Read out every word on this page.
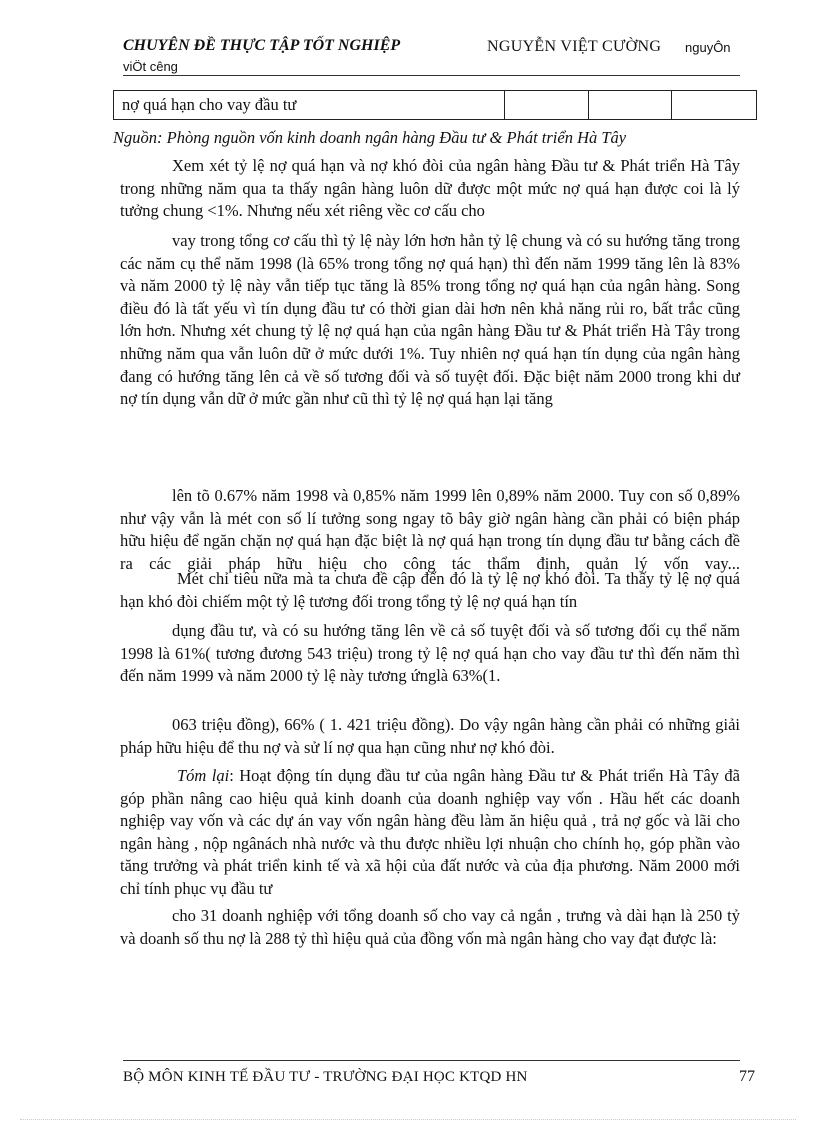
CHUYÊN ĐỀ THỰC TẬP TỐT NGHIỆP	NGUYỄN VIỆT CƯỜNG nguyÔn
viÖt cêng
nợ quá hạn cho vay đầu tư			
Nguồn: Phòng nguồn vốn kinh doanh ngân hàng Đầu tư & Phát triển Hà Tây

Xem xét tỷ lệ nợ quá hạn và nợ khó đòi của ngân hàng Đầu tư & Phát triển Hà Tây trong những năm qua ta thấy ngân hàng luôn dữ được một mức nợ quá hạn được coi là lý tưởng chung <1%. Nhưng nếu xét riêng vềc cơ cấu cho

vay trong tổng cơ cấu thì tỷ lệ này lớn hơn hẳn tỷ lệ chung và có su hướng tăng trong các năm cụ thể năm 1998 (là 65% trong tổng nợ quá hạn) thì đến năm 1999 tăng lên là 83% và năm 2000 tỷ lệ này vẫn tiếp tục tăng là 85% trong tổng nợ quá hạn của ngân hàng. Song điều đó là tất yếu vì tín dụng đầu tư có thời gian dài hơn nên khả năng rủi ro, bất trắc cũng lớn hơn. Nhưng xét chung tỷ lệ nợ quá hạn của ngân hàng Đầu tư & Phát triển Hà Tây trong những năm qua vẫn luôn dữ ở mức dưới 1%. Tuy nhiên nợ quá hạn tín dụng của ngân hàng đang có hướng tăng lên cả về số tương đối và số tuyệt đối. Đặc biệt năm 2000 trong khi dư nợ tín dụng vẫn dữ ở mức gần như cũ thì tỷ lệ nợ quá hạn lại tăng

lên tõ 0.67% năm 1998 và 0,85% năm 1999 lên 0,89% năm 2000. Tuy con số 0,89% như vậy vẫn là mét con số lí tưởng song ngay tõ bây giờ ngân hàng cần phải có biện pháp hữu hiệu để ngăn chặn nợ quá hạn đặc biệt là nợ quá hạn trong tín dụng đầu tư bằng cách đề ra các giải pháp hữu hiệu cho công tác thẩm định, quản lý vốn vay...

Mét chỉ tiêu nữa mà ta chưa đề cập đến đó là tỷ lệ nợ khó đòi. Ta thấy tỷ lệ nợ quá hạn khó đòi chiếm một tỷ lệ tương đối trong tổng tỷ lệ nợ quá hạn tín

dụng đầu tư, và có su hướng tăng lên về cả số tuyệt đối và số tương đối cụ thể năm 1998 là 61%( tương đương 543 triệu) trong tỷ lệ nợ quá hạn cho vay đầu tư thì đến năm thì đến năm 1999 và năm 2000 tỷ lệ này tương ứnglà 63%(1.

063 triệu đồng), 66% ( 1. 421 triệu đồng). Do vậy ngân hàng cần phải có những giải pháp hữu hiệu để thu nợ và sử lí nợ qua hạn cũng như nợ khó đòi.

Tóm lại: Hoạt động tín dụng đầu tư của ngân hàng Đầu tư & Phát triển Hà Tây đã góp phần nâng cao hiệu quả kinh doanh của doanh nghiệp vay vốn . Hầu hết các doanh nghiệp vay vốn và các dự án vay vốn ngân hàng đều làm ăn hiệu quả , trả nợ gốc và lãi cho ngân hàng , nộp ngânách nhà nước và thu được nhiều lợi nhuận cho chính họ, góp phần vào tăng trưởng và phát triển kinh tế và xã hội của đất nước và của địa phương. Năm 2000 mới chỉ tính phục vụ đầu tư

cho 31 doanh nghiệp với tổng doanh số cho vay cả ngắn , trưng và dài hạn là 250 tỷ và doanh số thu nợ là 288 tỷ thì hiệu quả của đồng vốn mà ngân hàng cho vay đạt được là:

BỘ MÔN KINH TẾ ĐẦU TƯ - TRƯỜNG ĐẠI HỌC KTQD HN	77
